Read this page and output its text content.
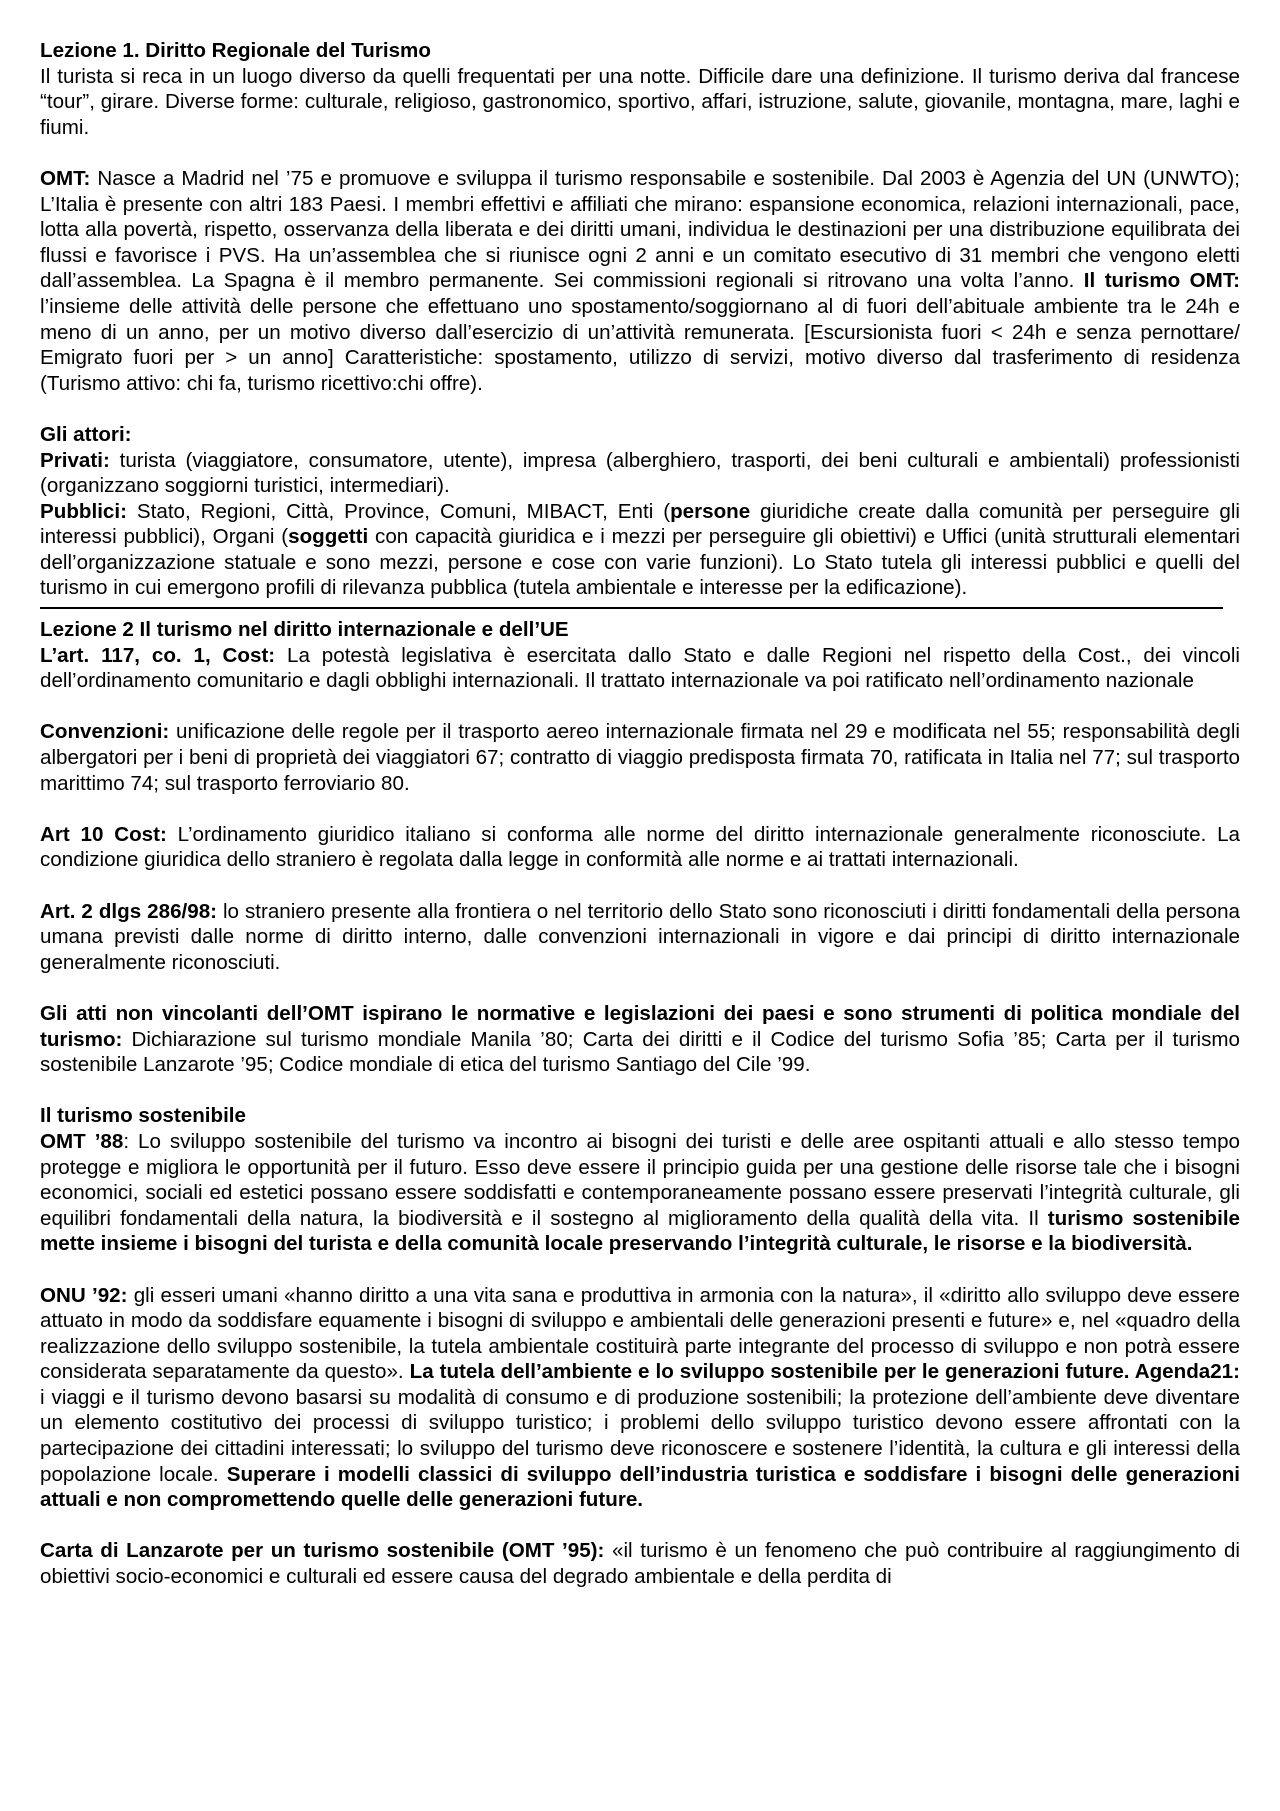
Lezione 1. Diritto Regionale del Turismo

Il turista si reca in un luogo diverso da quelli frequentati per una notte. Difficile dare una definizione. Il turismo deriva dal francese “tour”, girare. Diverse forme: culturale, religioso, gastronomico, sportivo, affari, istruzione, salute, giovanile, montagna, mare, laghi e fiumi.

OMT: Nasce a Madrid nel ’75 e promuove e sviluppa il turismo responsabile e sostenibile. Dal 2003 è Agenzia del UN (UNWTO); L’Italia è presente con altri 183 Paesi. I membri effettivi e affiliati che mirano: espansione economica, relazioni internazionali, pace, lotta alla povertà, rispetto, osservanza della liberata e dei diritti umani, individua le destinazioni per una distribuzione equilibrata dei flussi e favorisce i PVS. Ha un’assemblea che si riunisce ogni 2 anni e un comitato esecutivo di 31 membri che vengono eletti dall’assemblea. La Spagna è il membro permanente. Sei commissioni regionali si ritrovano una volta l’anno. Il turismo OMT: l’insieme delle attività delle persone che effettuano uno spostamento/soggiornano al di fuori dell’abituale ambiente tra le 24h e meno di un anno, per un motivo diverso dall’esercizio di un’attività remunerata. [Escursionista fuori < 24h e senza pernottare/ Emigrato fuori per > un anno] Caratteristiche: spostamento, utilizzo di servizi, motivo diverso dal trasferimento di residenza (Turismo attivo: chi fa, turismo ricettivo:chi offre).

Gli attori:

Privati: turista (viaggiatore, consumatore, utente), impresa (alberghiero, trasporti, dei beni culturali e ambientali) professionisti (organizzano soggiorni turistici, intermediari).

Pubblici: Stato, Regioni, Città, Province, Comuni, MIBACT, Enti (persone giuridiche create dalla comunità per perseguire gli interessi pubblici), Organi (soggetti con capacità giuridica e i mezzi per perseguire gli obiettivi) e Uffici (unità strutturali elementari dell’organizzazione statuale e sono mezzi, persone e cose con varie funzioni). Lo Stato tutela gli interessi pubblici e quelli del turismo in cui emergono profili di rilevanza pubblica (tutela ambientale e interesse per la edificazione).

Lezione 2 Il turismo nel diritto internazionale e dell’UE

L’art. 117, co. 1, Cost: La potestà legislativa è esercitata dallo Stato e dalle Regioni nel rispetto della Cost., dei vincoli dell’ordinamento comunitario e dagli obblighi internazionali. Il trattato internazionale va poi ratificato nell’ordinamento nazionale

Convenzioni: unificazione delle regole per il trasporto aereo internazionale firmata nel 29 e modificata nel 55; responsabilità degli albergatori per i beni di proprietà dei viaggiatori 67; contratto di viaggio predisposta firmata 70, ratificata in Italia nel 77; sul trasporto marittimo 74; sul trasporto ferroviario 80.

Art 10 Cost: L’ordinamento giuridico italiano si conforma alle norme del diritto internazionale generalmente riconosciute. La condizione giuridica dello straniero è regolata dalla legge in conformità alle norme e ai trattati internazionali.

Art. 2 dlgs 286/98: lo straniero presente alla frontiera o nel territorio dello Stato sono riconosciuti i diritti fondamentali della persona umana previsti dalle norme di diritto interno, dalle convenzioni internazionali in vigore e dai principi di diritto internazionale generalmente riconosciuti.

Gli atti non vincolanti dell’OMT ispirano le normative e legislazioni dei paesi e sono strumenti di politica mondiale del turismo: Dichiarazione sul turismo mondiale Manila ’80; Carta dei diritti e il Codice del turismo Sofia ’85; Carta per il turismo sostenibile Lanzarote ’95; Codice mondiale di etica del turismo Santiago del Cile ’99.

Il turismo sostenibile

OMT ’88: Lo sviluppo sostenibile del turismo va incontro ai bisogni dei turisti e delle aree ospitanti attuali e allo stesso tempo protegge e migliora le opportunità per il futuro. Esso deve essere il principio guida per una gestione delle risorse tale che i bisogni economici, sociali ed estetici possano essere soddisfatti e contemporaneamente possano essere preservati l’integrità culturale, gli equilibri fondamentali della natura, la biodiversità e il sostegno al miglioramento della qualità della vita. Il turismo sostenibile mette insieme i bisogni del turista e della comunità locale preservando l’integrità culturale, le risorse e la biodiversità.

ONU ’92: gli esseri umani «hanno diritto a una vita sana e produttiva in armonia con la natura», il «diritto allo sviluppo deve essere attuato in modo da soddisfare equamente i bisogni di sviluppo e ambientali delle generazioni presenti e future» e, nel «quadro della realizzazione dello sviluppo sostenibile, la tutela ambientale costituirà parte integrante del processo di sviluppo e non potrà essere considerata separatamente da questo». La tutela dell’ambiente e lo sviluppo sostenibile per le generazioni future. Agenda21: i viaggi e il turismo devono basarsi su modalità di consumo e di produzione sostenibili; la protezione dell’ambiente deve diventare un elemento costitutivo dei processi di sviluppo turistico; i problemi dello sviluppo turistico devono essere affrontati con la partecipazione dei cittadini interessati; lo sviluppo del turismo deve riconoscere e sostenere l’identità, la cultura e gli interessi della popolazione locale. Superare i modelli classici di sviluppo dell’industria turistica e soddisfare i bisogni delle generazioni attuali e non compromettendo quelle delle generazioni future.

Carta di Lanzarote per un turismo sostenibile (OMT ’95): «il turismo è un fenomeno che può contribuire al raggiungimento di obiettivi socio-economici e culturali ed essere causa del degrado ambientale e della perdita di
